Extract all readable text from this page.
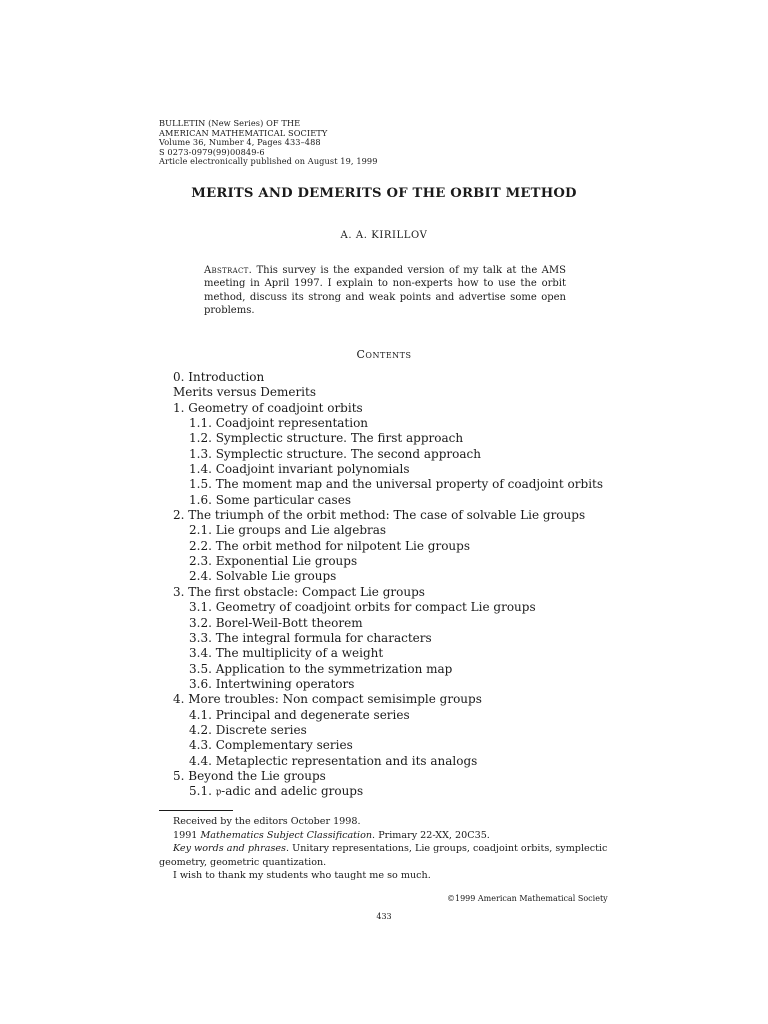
BULLETIN (New Series) OF THE
AMERICAN MATHEMATICAL SOCIETY
Volume 36, Number 4, Pages 433–488
S 0273-0979(99)00849-6
Article electronically published on August 19, 1999
MERITS AND DEMERITS OF THE ORBIT METHOD
A. A. KIRILLOV
Abstract. This survey is the expanded version of my talk at the AMS meeting in April 1997. I explain to non-experts how to use the orbit method, discuss its strong and weak points and advertise some open problems.
Contents
0. Introduction
Merits versus Demerits
1. Geometry of coadjoint orbits
1.1. Coadjoint representation
1.2. Symplectic structure. The first approach
1.3. Symplectic structure. The second approach
1.4. Coadjoint invariant polynomials
1.5. The moment map and the universal property of coadjoint orbits
1.6. Some particular cases
2. The triumph of the orbit method: The case of solvable Lie groups
2.1. Lie groups and Lie algebras
2.2. The orbit method for nilpotent Lie groups
2.3. Exponential Lie groups
2.4. Solvable Lie groups
3. The first obstacle: Compact Lie groups
3.1. Geometry of coadjoint orbits for compact Lie groups
3.2. Borel-Weil-Bott theorem
3.3. The integral formula for characters
3.4. The multiplicity of a weight
3.5. Application to the symmetrization map
3.6. Intertwining operators
4. More troubles: Non compact semisimple groups
4.1. Principal and degenerate series
4.2. Discrete series
4.3. Complementary series
4.4. Metaplectic representation and its analogs
5. Beyond the Lie groups
5.1. 𝔭-adic and adelic groups
Received by the editors October 1998.
1991 Mathematics Subject Classification. Primary 22-XX, 20C35.
Key words and phrases. Unitary representations, Lie groups, coadjoint orbits, symplectic geometry, geometric quantization.
I wish to thank my students who taught me so much.
©1999 American Mathematical Society
433
